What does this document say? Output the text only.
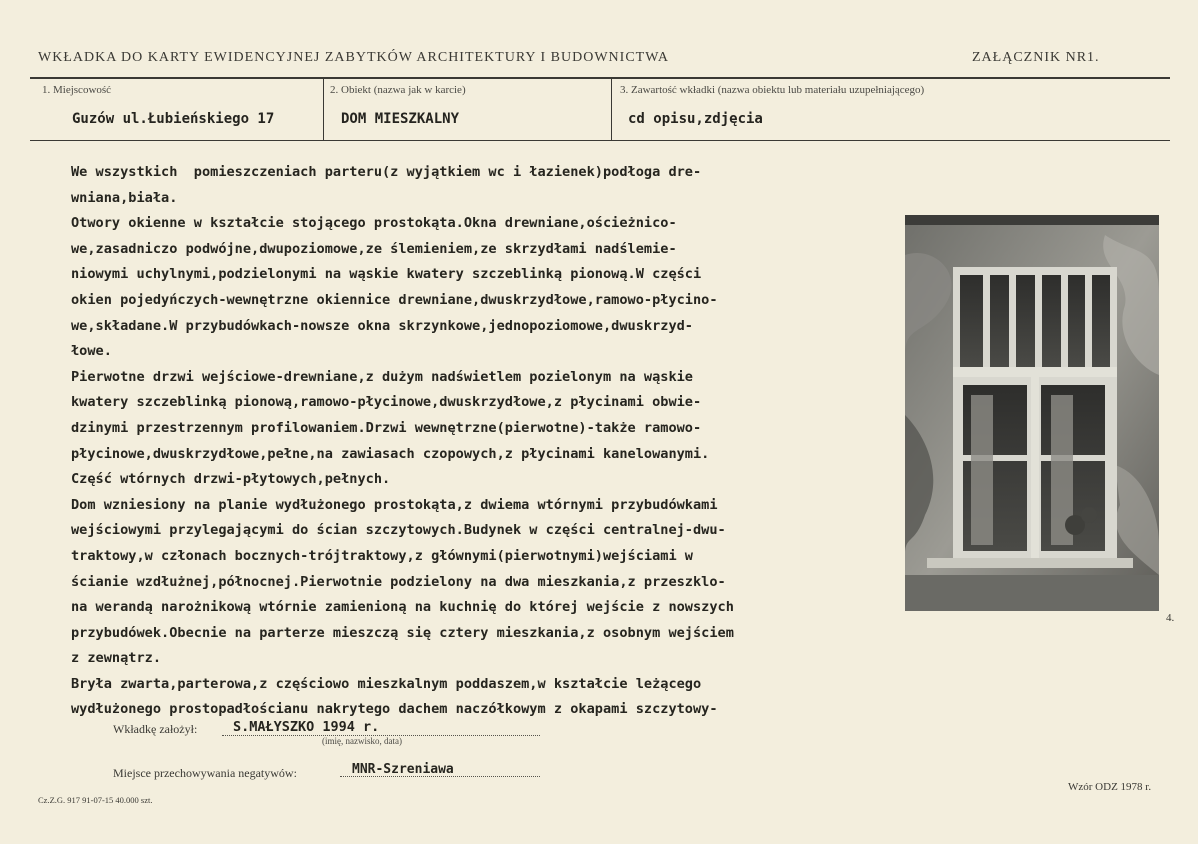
WKŁADKA DO KARTY EWIDENCYJNEJ ZABYTKÓW ARCHITEKTURY I BUDOWNICTWA	ZAŁĄCZNIK NR1.
1. Miejscowość
Guzów ul.Łubieńskiego 17
2. Obiekt (nazwa jak w karcie)
DOM MIESZKALNY
3. Zawartość wkładki (nazwa obiektu lub materiału uzupełniającego)
cd opisu,zdjęcia
We wszystkich  pomieszczeniach parteru(z wyjątkiem wc i łazienek)podłoga dre-
wniana,biała.
Otwory okienne w kształcie stojącego prostokąta.Okna drewniane,ościeżnico-
we,zasadniczo podwójne,dwupoziomowe,ze ślemieniem,ze skrzydłami nadślemie-
niowymi uchylnymi,podzielonymi na wąskie kwatery szczeblinką pionową.W części
okien pojedyńczych-wewnętrzne okiennice drewniane,dwuskrzydłowe,ramowo-płycino-
we,składane.W przybudówkach-nowsze okna skrzynkowe,jednopoziomowe,dwuskrzyd-
łowe.
Pierwotne drzwi wejściowe-drewniane,z dużym nadświetlem pozielonym na wąskie
kwatery szczeblinką pionową,ramowo-płycinowe,dwuskrzydłowe,z płycinami obwie-
dzinymi przestrzennym profilowaniem.Drzwi wewnętrzne(pierwotne)-także ramowo-
płycinowe,dwuskrzydłowe,pełne,na zawiasach czopowych,z płycinami kanelowanymi.
Część wtórnych drzwi-płytowych,pełnych.
Dom wzniesiony na planie wydłużonego prostokąta,z dwiema wtórnymi przybudówkami
wejściowymi przylegającymi do ścian szczytowych.Budynek w części centralnej-dwu-
traktowy,w członach bocznych-trójtraktowy,z głównymi(pierwotnymi)wejściami w
ścianie wzdłużnej,północnej.Pierwotnie podzielony na dwa mieszkania,z przeszklo-
na werandą narożnikową wtórnie zamienioną na kuchnię do której wejście z nowszych
przybudówek.Obecnie na parterze mieszczą się cztery mieszkania,z osobnym wejściem
z zewnątrz.
Bryła zwarta,parterowa,z częściowo mieszkalnym poddaszem,w kształcie leżącego
wydłużonego prostopadłościanu nakrytego dachem naczółkowym z okapami szczytowy-
4.
Wkładkę założył:	S.MAŁYSZKO 1994 r.
(imię, nazwisko, data)
Miejsce przechowywania negatywów:	MNR-Szreniawa
Cz.Z.G. 917 91-07-15 40.000 szt.
Wzór ODZ 1978 r.
